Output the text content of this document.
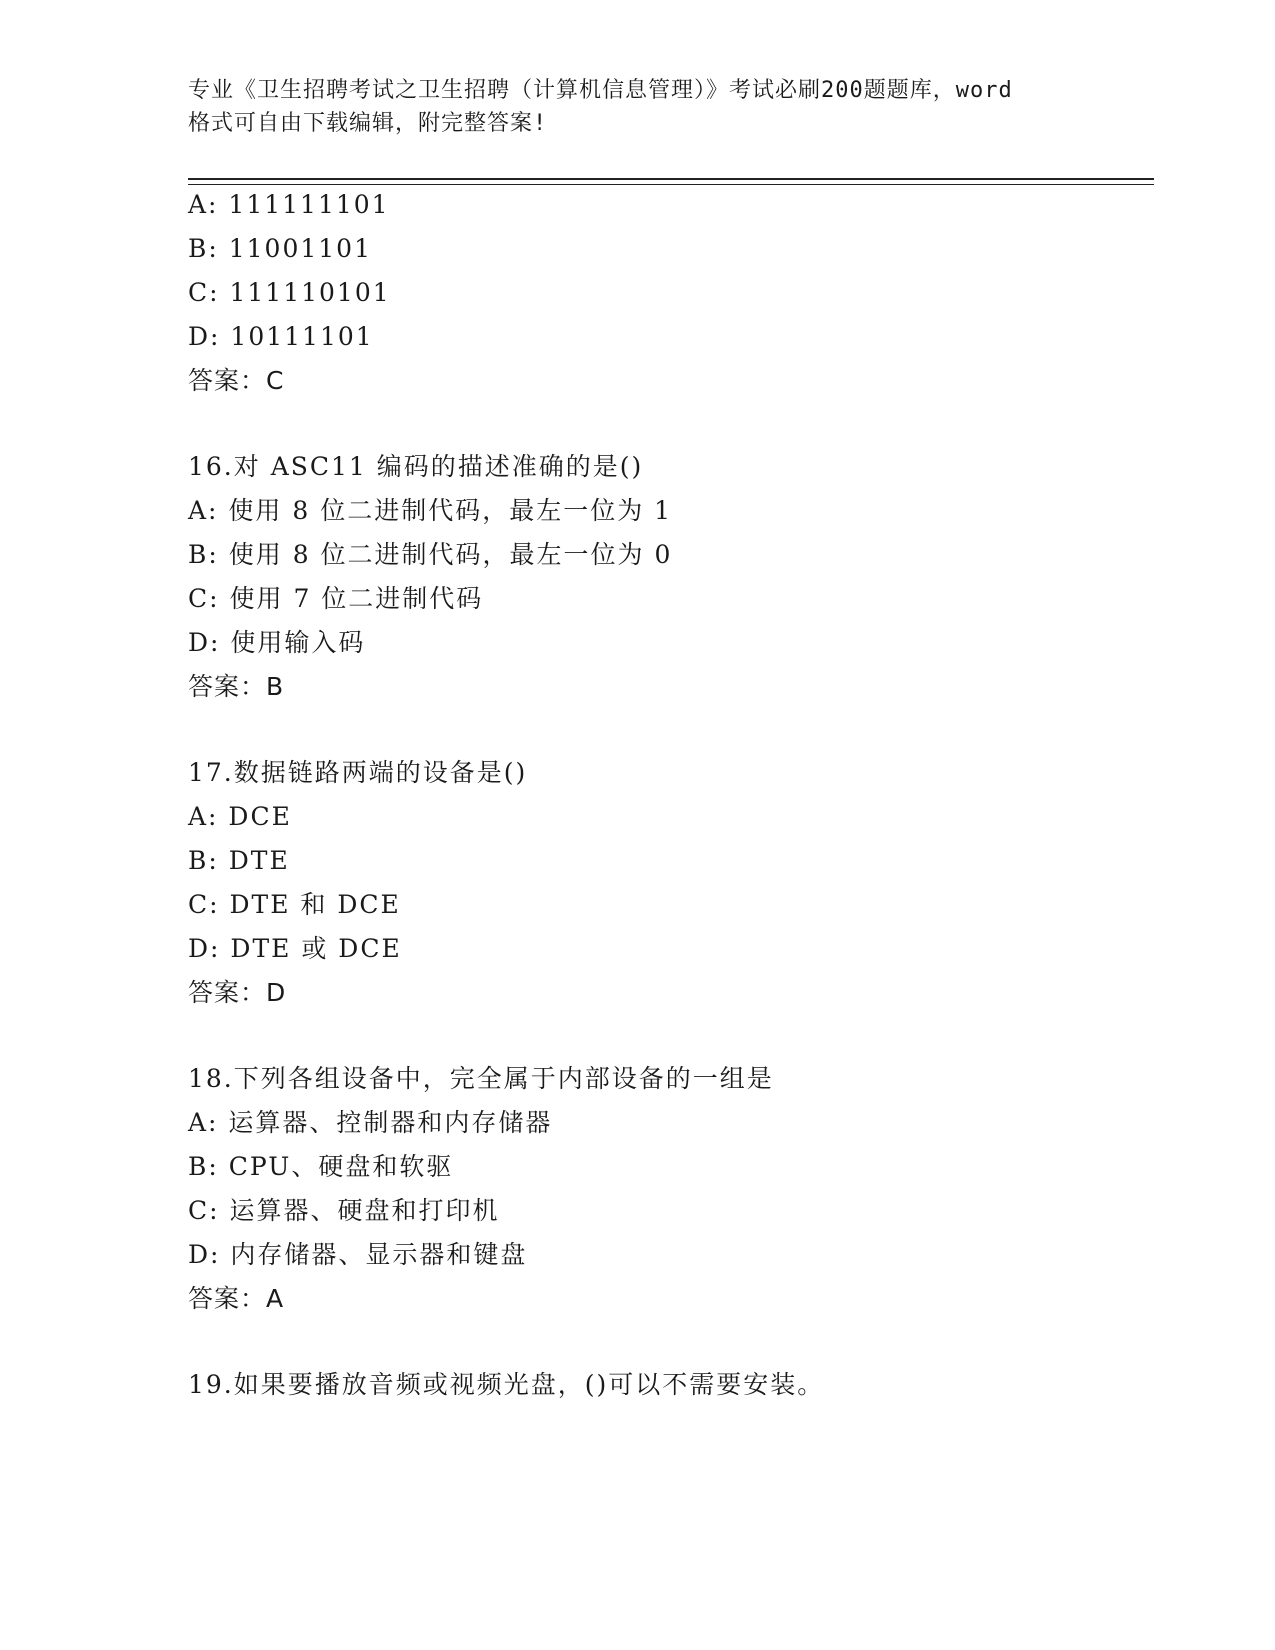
专业《卫生招聘考试之卫生招聘（计算机信息管理）》考试必刷200题题库，word
格式可自由下载编辑，附完整答案!
A: 111111101
B: 11001101
C: 111110101
D: 10111101
答案：C
16.对 ASC11 编码的描述准确的是()
A: 使用 8 位二进制代码，最左一位为 1
B: 使用 8 位二进制代码，最左一位为 0
C: 使用 7 位二进制代码
D: 使用输入码
答案：B
17.数据链路两端的设备是()
A: DCE
B: DTE
C: DTE 和 DCE
D: DTE 或 DCE
答案：D
18.下列各组设备中，完全属于内部设备的一组是
A: 运算器、控制器和内存储器
B: CPU、硬盘和软驱
C: 运算器、硬盘和打印机
D: 内存储器、显示器和键盘
答案：A
19.如果要播放音频或视频光盘，()可以不需要安装。
